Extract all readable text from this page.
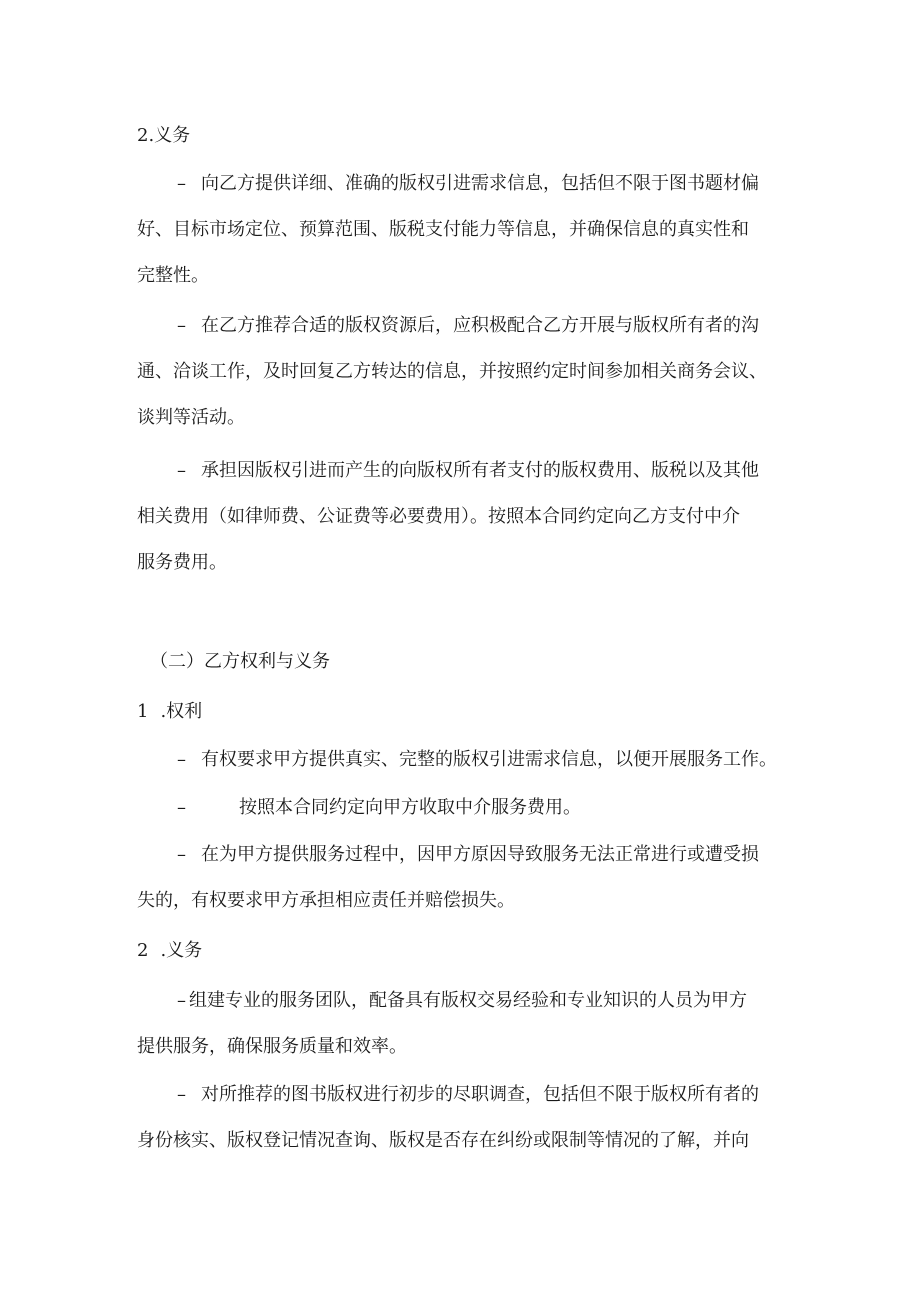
2.义务
– 向乙方提供详细、准确的版权引进需求信息，包括但不限于图书题材偏
好、目标市场定位、预算范围、版税支付能力等信息，并确保信息的真实性和
完整性。
– 在乙方推荐合适的版权资源后，应积极配合乙方开展与版权所有者的沟
通、洽谈工作，及时回复乙方转达的信息，并按照约定时间参加相关商务会议、
谈判等活动。
– 承担因版权引进而产生的向版权所有者支付的版权费用、版税以及其他
相关费用（如律师费、公证费等必要费用）。按照本合同约定向乙方支付中介
服务费用。
（二）乙方权利与义务
1 .权利
– 有权要求甲方提供真实、完整的版权引进需求信息，以便开展服务工作。
–	按照本合同约定向甲方收取中介服务费用。
– 在为甲方提供服务过程中，因甲方原因导致服务无法正常进行或遭受损
失的，有权要求甲方承担相应责任并赔偿损失。
2 .义务
– 组建专业的服务团队，配备具有版权交易经验和专业知识的人员为甲方
提供服务，确保服务质量和效率。
– 对所推荐的图书版权进行初步的尽职调查，包括但不限于版权所有者的
身份核实、版权登记情况查询、版权是否存在纠纷或限制等情况的了解，并向
